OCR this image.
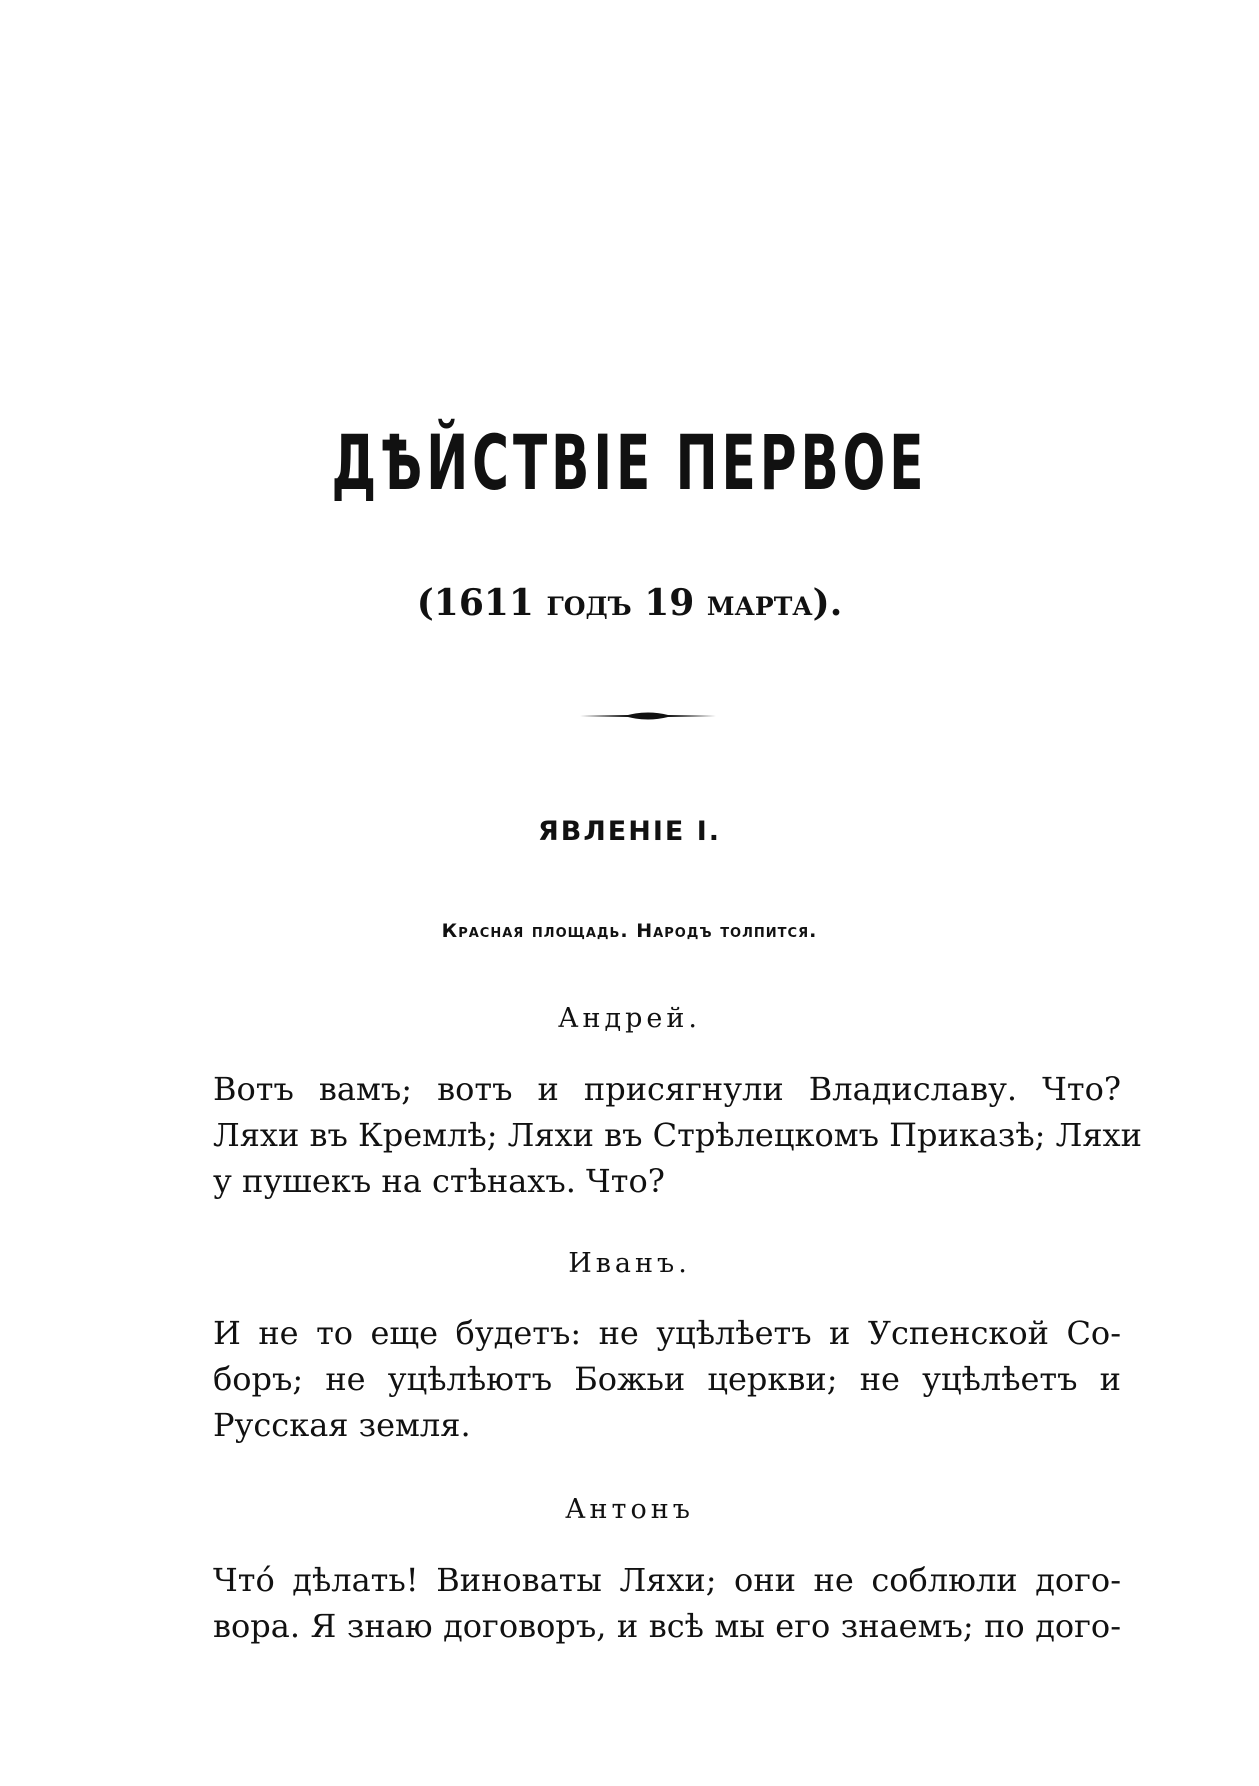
ДѢЙСТВІЕ ПЕРВОЕ
(1611 годъ 19 марта).
ЯВЛЕНІЕ I.
Красная площадь. Народъ толпится.
Андрей.
Вотъ вамъ; вотъ и присягнули Владиславу. Что?
Ляхи въ Кремлѣ; Ляхи въ Стрѣлецкомъ Приказѣ; Ляхи
у пушекъ на стѣнахъ. Что?
Иванъ.
И не то еще будетъ: не уцѣлѣетъ и Успенской Со-
боръ; не уцѣлѣютъ Божьи церкви; не уцѣлѣетъ и
Русская земля.
Антонъ
Чтó дѣлать! Виноваты Ляхи; они не соблюли дого-
вора. Я знаю договоръ, и всѣ мы его знаемъ; по дого-
